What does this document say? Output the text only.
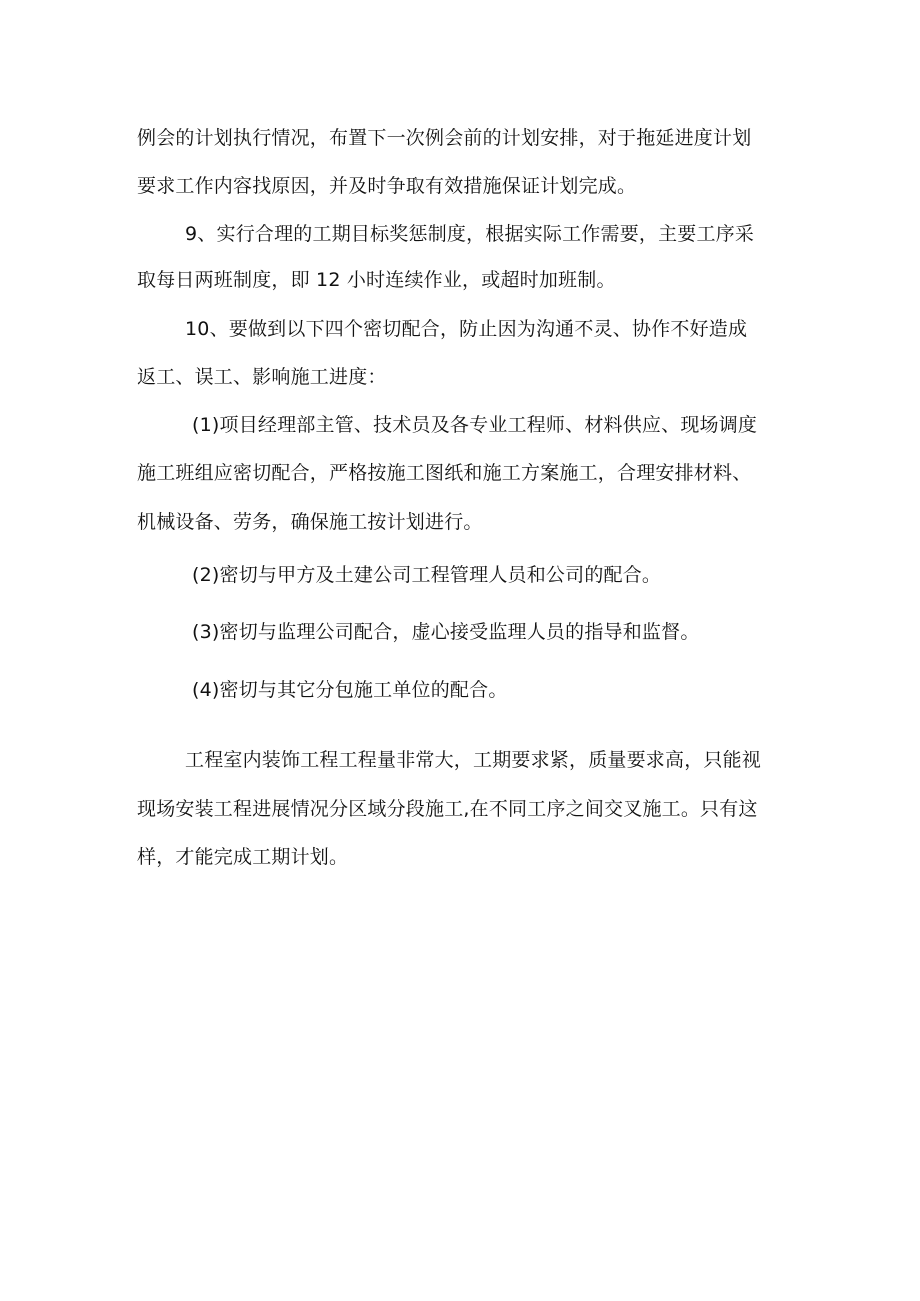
例会的计划执行情况，布置下一次例会前的计划安排，对于拖延进度计划
要求工作内容找原因，并及时争取有效措施保证计划完成。
9、实行合理的工期目标奖惩制度，根据实际工作需要，主要工序采
取每日两班制度，即 12 小时连续作业，或超时加班制。
10、要做到以下四个密切配合，防止因为沟通不灵、协作不好造成
返工、误工、影响施工进度：
(1)项目经理部主管、技术员及各专业工程师、材料供应、现场调度
施工班组应密切配合，严格按施工图纸和施工方案施工，合理安排材料、
机械设备、劳务，确保施工按计划进行。
(2)密切与甲方及土建公司工程管理人员和公司的配合。
(3)密切与监理公司配合，虚心接受监理人员的指导和监督。
(4)密切与其它分包施工单位的配合。
工程室内装饰工程工程量非常大，工期要求紧，质量要求高，只能视
现场安装工程进展情况分区域分段施工,在不同工序之间交叉施工。只有这
样，才能完成工期计划。
